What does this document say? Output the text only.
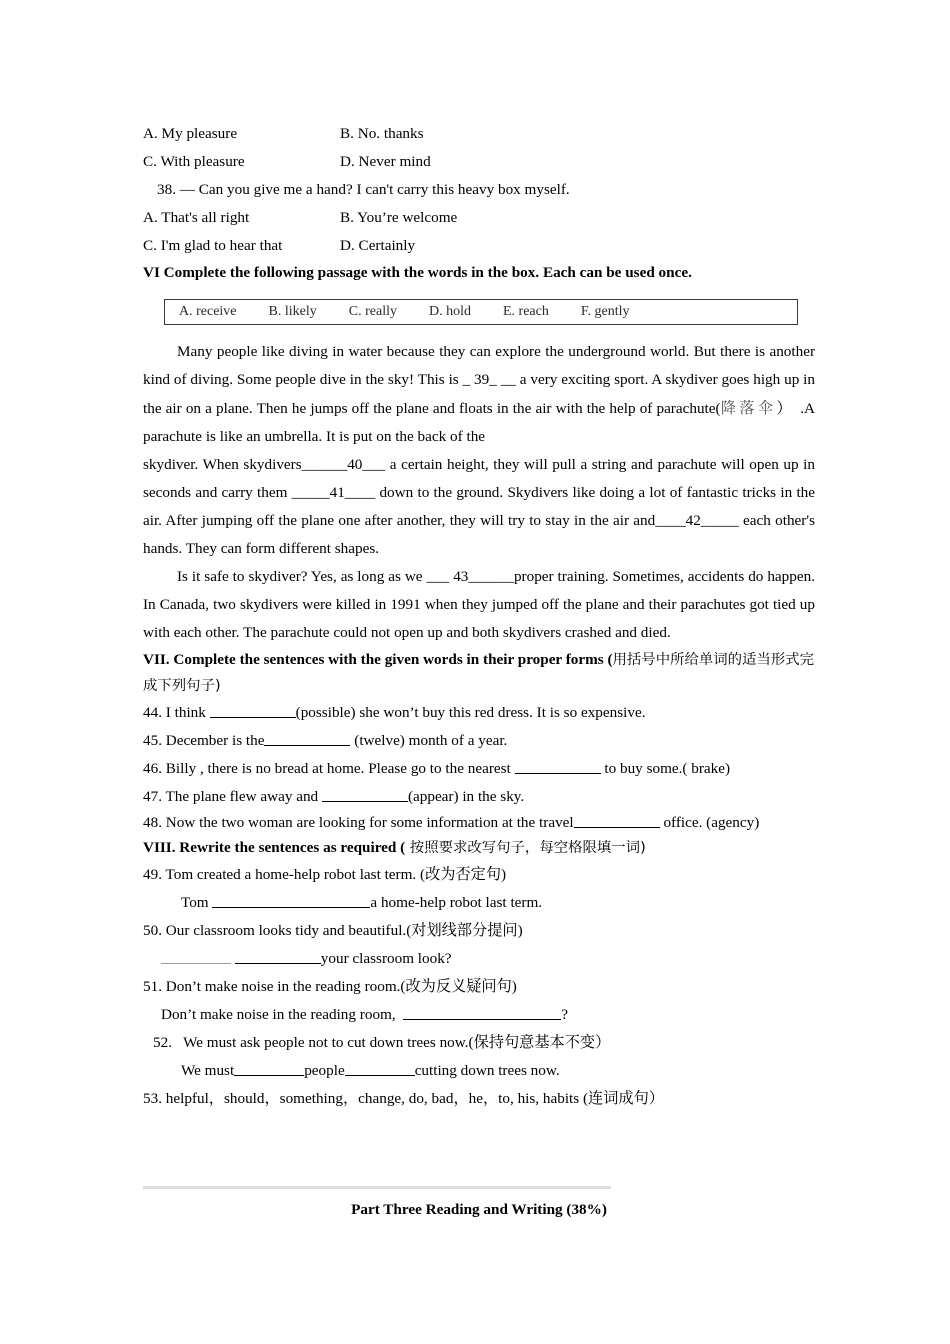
A. My pleasure	B. No. thanks
C. With pleasure	D. Never mind
38. — Can you give me a hand? I can't carry this heavy box myself.
A. That's all right	B. You’re welcome
C. I'm glad to hear that	D. Certainly
VI Complete the following passage with the words in the box. Each can be used once.
A. receive B. likely C. really D. hold E. reach F. gently
Many people like diving in water because they can explore the underground world. But there is another kind of diving. Some people dive in the sky! This is _ 39_ __ a very exciting sport. A skydiver goes high up in the air on a plane. Then he jumps off the plane and floats in the air with the help of parachute(降落伞）  .A parachute is like an umbrella. It is put on the back of the
skydiver. When skydivers______40___ a certain height, they will pull a string and parachute will open up in seconds and carry them _____41____ down to the ground. Skydivers like doing a lot of fantastic tricks in the air. After jumping off the plane one after another, they will try to stay in the air and____42_____ each other's hands. They can form different shapes.
Is it safe to skydiver? Yes, as long as we ___ 43______proper training. Sometimes, accidents do happen. In Canada, two skydivers were killed in 1991 when they jumped off the plane and their parachutes got tied up with each other. The parachute could not open up and both skydivers crashed and died.
VII. Complete the sentences with the given words in their proper forms (用括号中所给单词的适当形式完成下列句子)
44. I think	(possible) she won’t buy this red dress. It is so expensive.
45. December is the	(twelve) month of a year.
46. Billy , there is no bread at home. Please go to the nearest	to buy some.( brake)
47. The plane flew away and	(appear) in the sky.
48. Now the two woman are looking for some information at the travel	office. (agency)
VIII. Rewrite the sentences as required ( 按照要求改写句子，每空格限填一词)
49. Tom created a home-help robot last term. (改为否定句)
Tom	a home-help robot last term.
50. Our classroom looks tidy and beautiful.(对划线部分提问)
your classroom look?
51. Don’t make noise in the reading room.(改为反义疑问句)
Don’t make noise in the reading room,	?
52.   We must ask people not to cut down trees now.(保持句意基本不变）
We must	people	cutting down trees now.
53. helpful，should，something，change, do, bad，he，to, his, habits (连词成句）
Part Three Reading and Writing (38%)
